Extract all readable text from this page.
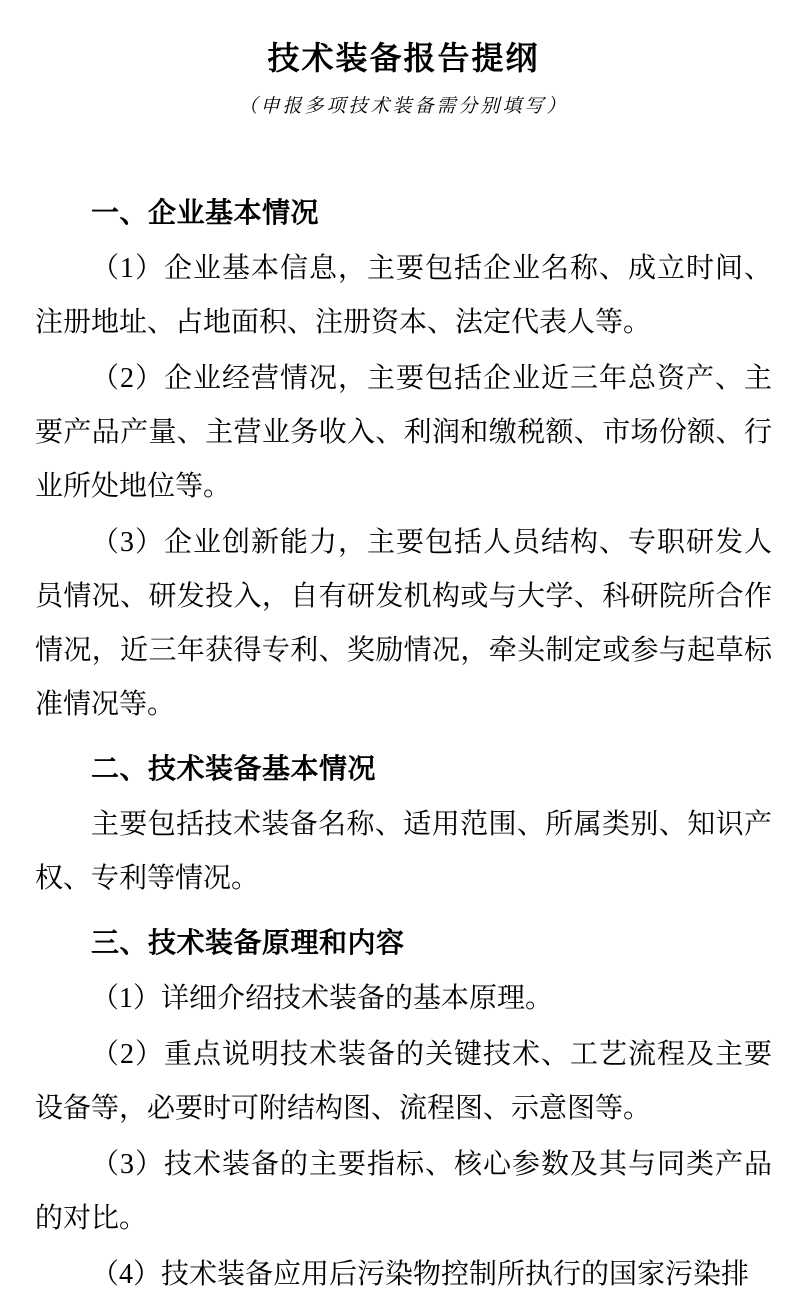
技术装备报告提纲

（申报多项技术装备需分别填写）

一、企业基本情况

（1）企业基本信息，主要包括企业名称、成立时间、注册地址、占地面积、注册资本、法定代表人等。

（2）企业经营情况，主要包括企业近三年总资产、主要产品产量、主营业务收入、利润和缴税额、市场份额、行业所处地位等。

（3）企业创新能力，主要包括人员结构、专职研发人员情况、研发投入，自有研发机构或与大学、科研院所合作情况，近三年获得专利、奖励情况，牵头制定或参与起草标准情况等。

二、技术装备基本情况

主要包括技术装备名称、适用范围、所属类别、知识产权、专利等情况。

三、技术装备原理和内容

（1）详细介绍技术装备的基本原理。

（2）重点说明技术装备的关键技术、工艺流程及主要设备等，必要时可附结构图、流程图、示意图等。

（3）技术装备的主要指标、核心参数及其与同类产品的对比。

（4）技术装备应用后污染物控制所执行的国家污染排
